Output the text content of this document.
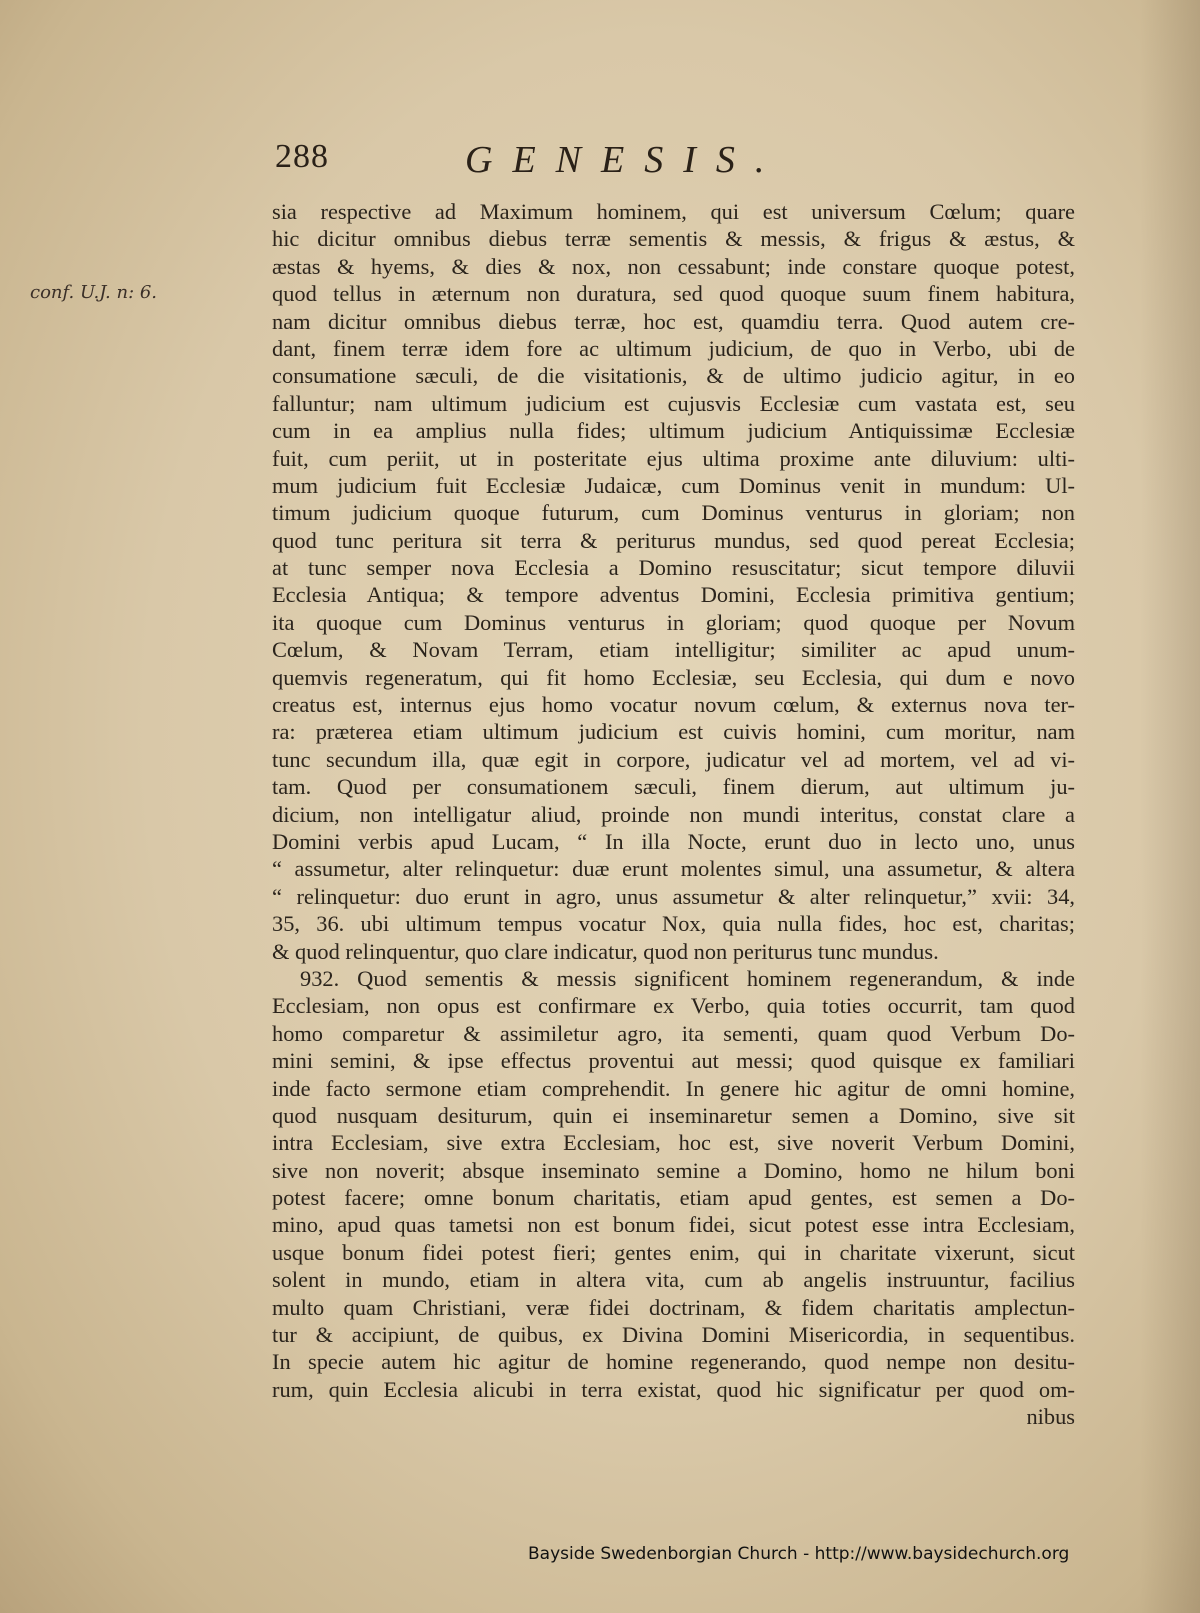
288	GENESIS.
conf. U.J. n: 6.
sia respective ad Maximum hominem, qui est universum Cœlum; quare
hic dicitur omnibus diebus terræ sementis & messis, & frigus & æstus, &
æstas & hyems, & dies & nox, non cessabunt; inde constare quoque potest,
quod tellus in æternum non duratura, sed quod quoque suum finem habitura,
nam dicitur omnibus diebus terræ, hoc est, quamdiu terra. Quod autem cre-
dant, finem terræ idem fore ac ultimum judicium, de quo in Verbo, ubi de
consumatione sæculi, de die visitationis, & de ultimo judicio agitur, in eo
falluntur; nam ultimum judicium est cujusvis Ecclesiæ cum vastata est, seu
cum in ea amplius nulla fides; ultimum judicium Antiquissimæ Ecclesiæ
fuit, cum periit, ut in posteritate ejus ultima proxime ante diluvium: ulti-
mum judicium fuit Ecclesiæ Judaicæ, cum Dominus venit in mundum: Ul-
timum judicium quoque futurum, cum Dominus venturus in gloriam; non
quod tunc peritura sit terra & periturus mundus, sed quod pereat Ecclesia;
at tunc semper nova Ecclesia a Domino resuscitatur; sicut tempore diluvii
Ecclesia Antiqua; & tempore adventus Domini, Ecclesia primitiva gentium;
ita quoque cum Dominus venturus in gloriam; quod quoque per Novum
Cœlum, & Novam Terram, etiam intelligitur; similiter ac apud unum-
quemvis regeneratum, qui fit homo Ecclesiæ, seu Ecclesia, qui dum e novo
creatus est, internus ejus homo vocatur novum cœlum, & externus nova ter-
ra: præterea etiam ultimum judicium est cuivis homini, cum moritur, nam
tunc secundum illa, quæ egit in corpore, judicatur vel ad mortem, vel ad vi-
tam. Quod per consumationem sæculi, finem dierum, aut ultimum ju-
dicium, non intelligatur aliud, proinde non mundi interitus, constat clare a
Domini verbis apud Lucam, “ In illa Nocte, erunt duo in lecto uno, unus
“ assumetur, alter relinquetur: duæ erunt molentes simul, una assumetur, & altera
“ relinquetur: duo erunt in agro, unus assumetur & alter relinquetur,” xvii: 34,
35, 36. ubi ultimum tempus vocatur Nox, quia nulla fides, hoc est, charitas;
& quod relinquentur, quo clare indicatur, quod non periturus tunc mundus.
932. Quod sementis & messis significent hominem regenerandum, & inde
Ecclesiam, non opus est confirmare ex Verbo, quia toties occurrit, tam quod
homo comparetur & assimiletur agro, ita sementi, quam quod Verbum Do-
mini semini, & ipse effectus proventui aut messi; quod quisque ex familiari
inde facto sermone etiam comprehendit. In genere hic agitur de omni homine,
quod nusquam desiturum, quin ei inseminaretur semen a Domino, sive sit
intra Ecclesiam, sive extra Ecclesiam, hoc est, sive noverit Verbum Domini,
sive non noverit; absque inseminato semine a Domino, homo ne hilum boni
potest facere; omne bonum charitatis, etiam apud gentes, est semen a Do-
mino, apud quas tametsi non est bonum fidei, sicut potest esse intra Ecclesiam,
usque bonum fidei potest fieri; gentes enim, qui in charitate vixerunt, sicut
solent in mundo, etiam in altera vita, cum ab angelis instruuntur, facilius
multo quam Christiani, veræ fidei doctrinam, & fidem charitatis amplectun-
tur & accipiunt, de quibus, ex Divina Domini Misericordia, in sequentibus.
In specie autem hic agitur de homine regenerando, quod nempe non desitu-
rum, quin Ecclesia alicubi in terra existat, quod hic significatur per quod om-
nibus
Bayside Swedenborgian Church - http://www.baysidechurch.org
